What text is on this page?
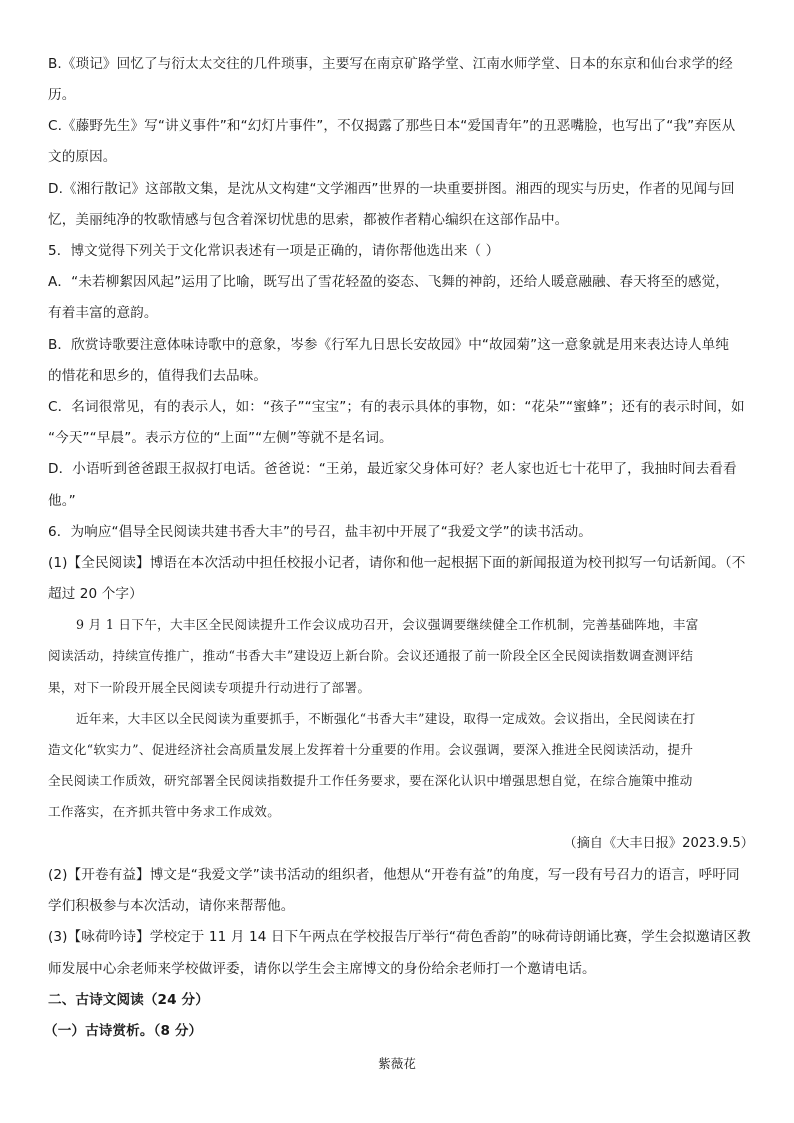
B.《琐记》回忆了与衍太太交往的几件琐事，主要写在南京矿路学堂、江南水师学堂、日本的东京和仙台求学的经
历。
C.《藤野先生》写“讲义事件”和“幻灯片事件”，不仅揭露了那些日本“爱国青年”的丑恶嘴脸，也写出了“我”弃医从
文的原因。
D.《湘行散记》这部散文集，是沈从文构建“文学湘西”世界的一块重要拼图。湘西的现实与历史，作者的见闻与回
忆，美丽纯净的牧歌情感与包含着深切忧患的思索，都被作者精心编织在这部作品中。
5．博文觉得下列关于文化常识表述有一项是正确的，请你帮他选出来（ ）
A．“未若柳絮因风起”运用了比喻，既写出了雪花轻盈的姿态、飞舞的神韵，还给人暖意融融、春天将至的感觉，
有着丰富的意韵。
B．欣赏诗歌要注意体味诗歌中的意象，岑参《行军九日思长安故园》中“故园菊”这一意象就是用来表达诗人单纯
的惜花和思乡的，值得我们去品味。
C．名词很常见，有的表示人，如：“孩子”“宝宝”；有的表示具体的事物，如：“花朵”“蜜蜂”；还有的表示时间，如
“今天”“早晨”。表示方位的“上面”“左侧”等就不是名词。
D．小语听到爸爸跟王叔叔打电话。爸爸说：“王弟，最近家父身体可好？老人家也近七十花甲了，我抽时间去看看
他。”
6．为响应“倡导全民阅读共建书香大丰”的号召，盐丰初中开展了“我爱文学”的读书活动。
(1)【全民阅读】博语在本次活动中担任校报小记者，请你和他一起根据下面的新闻报道为校刊拟写一句话新闻。（不
超过 20 个字）
9 月 1 日下午，大丰区全民阅读提升工作会议成功召开，会议强调要继续健全工作机制，完善基础阵地，丰富
阅读活动，持续宣传推广，推动“书香大丰”建设迈上新台阶。会议还通报了前一阶段全区全民阅读指数调查测评结
果，对下一阶段开展全民阅读专项提升行动进行了部署。
近年来，大丰区以全民阅读为重要抓手，不断强化“书香大丰”建设，取得一定成效。会议指出，全民阅读在打
造文化“软实力”、促进经济社会高质量发展上发挥着十分重要的作用。会议强调，要深入推进全民阅读活动，提升
全民阅读工作质效，研究部署全民阅读指数提升工作任务要求，要在深化认识中增强思想自觉，在综合施策中推动
工作落实，在齐抓共管中务求工作成效。
（摘自《大丰日报》2023.9.5）
(2)【开卷有益】博文是“我爱文学”读书活动的组织者，他想从“开卷有益”的角度，写一段有号召力的语言，呼吁同
学们积极参与本次活动，请你来帮帮他。
(3)【咏荷吟诗】学校定于 11 月 14 日下午两点在学校报告厅举行“荷色香韵”的咏荷诗朗诵比赛，学生会拟邀请区教
师发展中心余老师来学校做评委，请你以学生会主席博文的身份给余老师打一个邀请电话。
二、古诗文阅读（24 分）
（一）古诗赏析。（8 分）
紫薇花
